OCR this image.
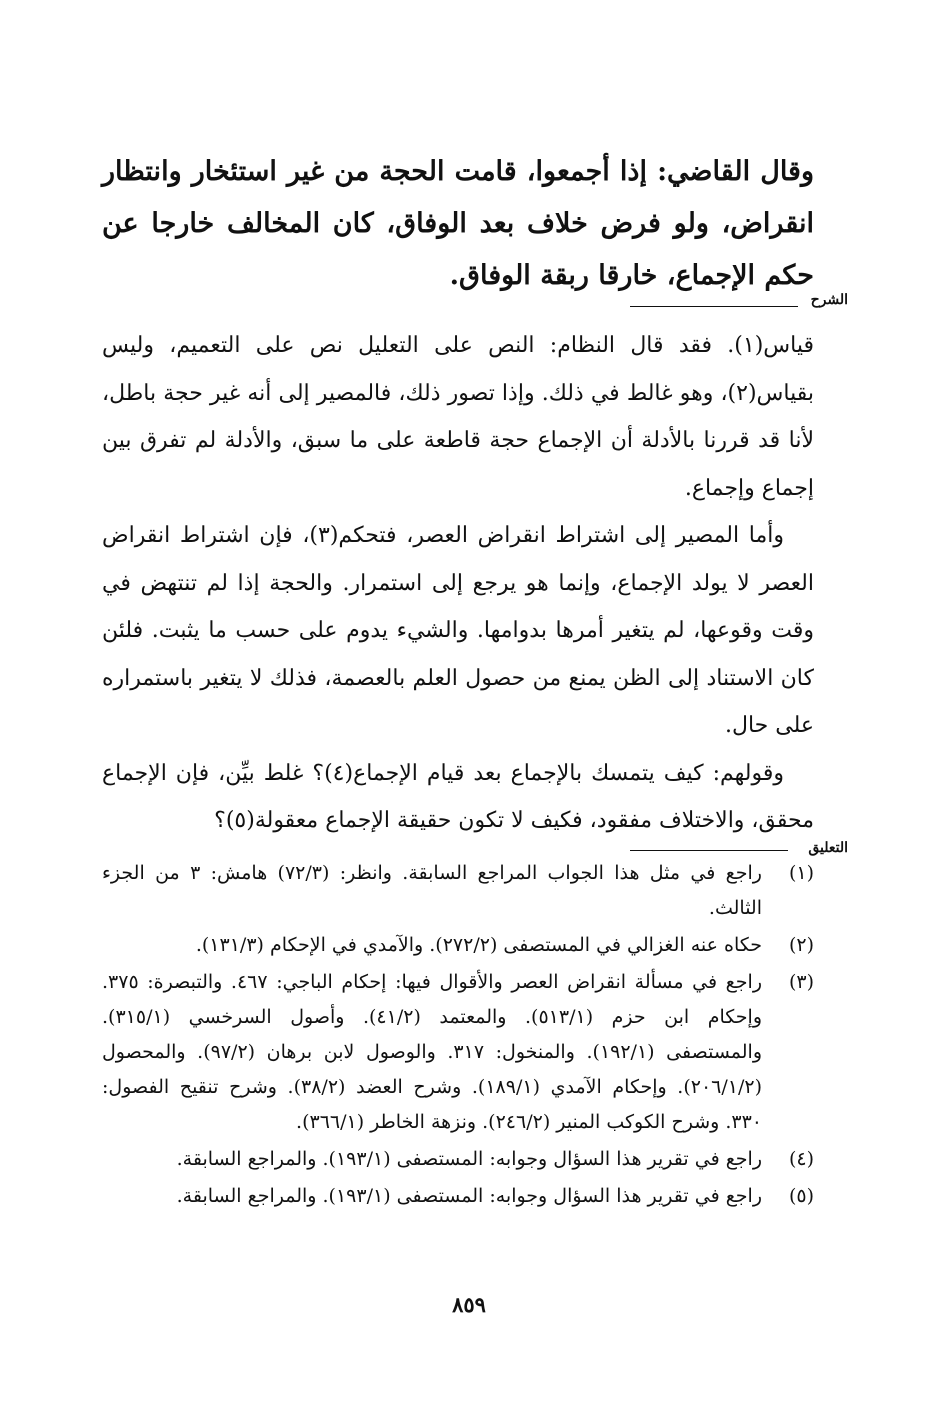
وقال القاضي: إذا أجمعوا، قامت الحجة من غير استئخار وانتظار انقراض، ولو فرض خلاف بعد الوفاق، كان المخالف خارجا عن حكم الإجماع، خارقا ربقة الوفاق.

الشرح

قياس(١). فقد قال النظام: النص على التعليل نص على التعميم، وليس بقياس(٢)، وهو غالط في ذلك. وإذا تصور ذلك، فالمصير إلى أنه غير حجة باطل، لأنا قد قررنا بالأدلة أن الإجماع حجة قاطعة على ما سبق، والأدلة لم تفرق بين إجماع وإجماع.

وأما المصير إلى اشتراط انقراض العصر، فتحكم(٣)، فإن اشتراط انقراض العصر لا يولد الإجماع، وإنما هو يرجع إلى استمرار. والحجة إذا لم تنتهض في وقت وقوعها، لم يتغير أمرها بدوامها. والشيء يدوم على حسب ما يثبت. فلئن كان الاستناد إلى الظن يمنع من حصول العلم بالعصمة، فذلك لا يتغير باستمراره على حال.

وقولهم: كيف يتمسك بالإجماع بعد قيام الإجماع(٤)؟ غلط بيِّن، فإن الإجماع محقق، والاختلاف مفقود، فكيف لا تكون حقيقة الإجماع معقولة(٥)؟

التعليق
(١)
راجع في مثل هذا الجواب المراجع السابقة. وانظر: (٧٢/٣) هامش: ٣ من الجزء الثالث.
(٢)
حكاه عنه الغزالي في المستصفى (٢٧٢/٢). والآمدي في الإحكام (١٣١/٣).
(٣)
راجع في مسألة انقراض العصر والأقوال فيها: إحكام الباجي: ٤٦٧. والتبصرة: ٣٧٥. وإحكام ابن حزم (٥١٣/١). والمعتمد (٤١/٢). وأصول السرخسي (٣١٥/١). والمستصفى (١٩٢/١). والمنخول: ٣١٧. والوصول لابن برهان (٩٧/٢). والمحصول (٢٠٦/١/٢). وإحكام الآمدي (١٨٩/١). وشرح العضد (٣٨/٢). وشرح تنقيح الفصول: ٣٣٠. وشرح الكوكب المنير (٢٤٦/٢). ونزهة الخاطر (٣٦٦/١).
(٤)
راجع في تقرير هذا السؤال وجوابه: المستصفى (١٩٣/١). والمراجع السابقة.
(٥)
راجع في تقرير هذا السؤال وجوابه: المستصفى (١٩٣/١). والمراجع السابقة.
٨٥٩
